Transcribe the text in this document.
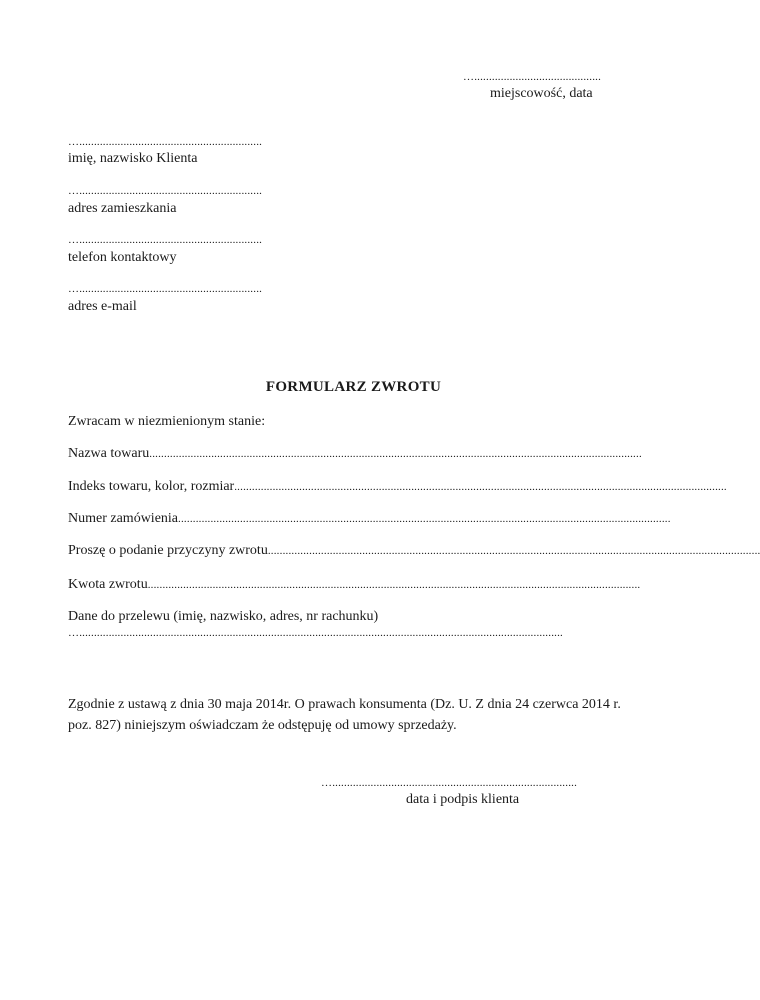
…...........................................
miejscowość, data
…..............................................................
imię, nazwisko Klienta
…..............................................................
adres zamieszkania
…..............................................................
telefon kontaktowy
…..............................................................
adres e-mail
FORMULARZ ZWROTU
Zwracam w niezmienionym stanie:
Nazwa towaru .......................................................................................................................................................................
Indeks towaru, kolor, rozmiar .......................................................................................................................................................................
Numer zamówienia .......................................................................................................................................................................
Proszę o podanie przyczyny zwrotu .......................................................................................................................................................................
Kwota zwrotu .......................................................................................................................................................................
Dane do przelewu (imię, nazwisko, adres, nr rachunku)
…....................................................................................................................................................................
Zgodnie z ustawą z dnia 30 maja 2014r. O prawach konsumenta (Dz. U. Z dnia 24 czerwca 2014 r. poz. 827) niniejszym oświadczam że odstępuję od umowy sprzedaży.
…...................................................................................
data i podpis klienta
